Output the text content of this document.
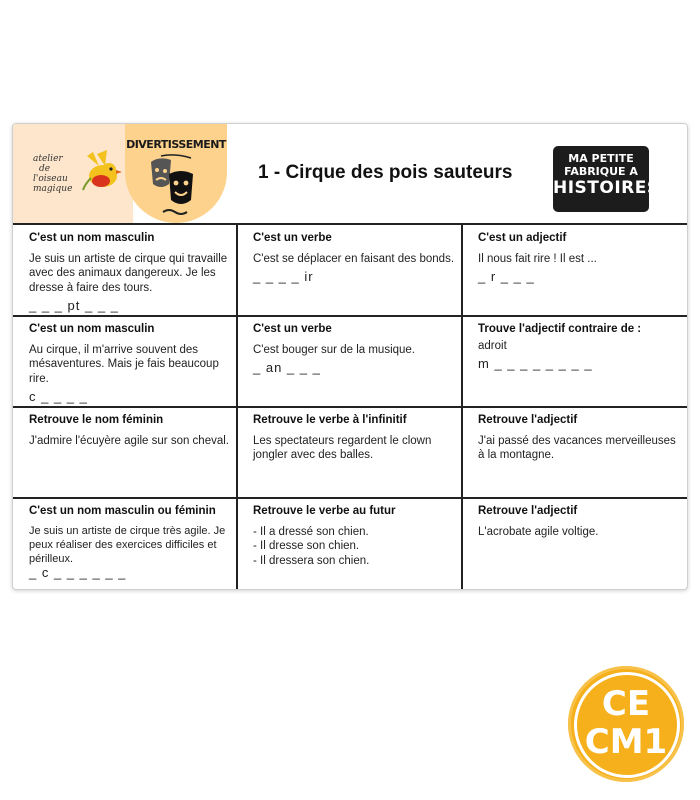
atelier
de
l'oiseau
magique
DIVERTISSEMENT
1 - Cirque des pois sauteurs
MA PETITE
FABRIQUE A
HISTOIRES
C'est un nom masculin

Je suis un artiste de cirque qui travaille avec des animaux dangereux. Je les dresse à faire des tours.

_ _ _ pt _ _ _
C'est un verbe

C'est se déplacer en faisant des bonds.

_ _ _ _ ir
C'est un adjectif

Il nous fait rire ! Il est ...

_ r _ _ _
C'est un nom masculin

Au cirque, il m'arrive souvent des mésaventures. Mais je fais beaucoup rire.

c _ _ _ _
C'est un verbe

C'est bouger sur de la musique.

_ an _ _ _
Trouve l'adjectif contraire de :

adroit

m _ _ _ _ _ _ _ _
Retrouve le nom féminin

J'admire l'écuyère agile sur son cheval.

Retrouve le verbe à l'infinitif

Les spectateurs regardent le clown jongler avec des balles.

Retrouve l'adjectif

J'ai passé des vacances merveilleuses à la montagne.

C'est un nom masculin ou féminin

Je suis un artiste de cirque très agile. Je peux réaliser des exercices difficiles et périlleux.

_ c _ _ _ _ _ _
Retrouve le verbe au futur
- Il a dressé son chien.
- Il dresse son chien.
- Il dressera son chien.
Retrouve l'adjectif

L'acrobate agile voltige.

CE
CM1
